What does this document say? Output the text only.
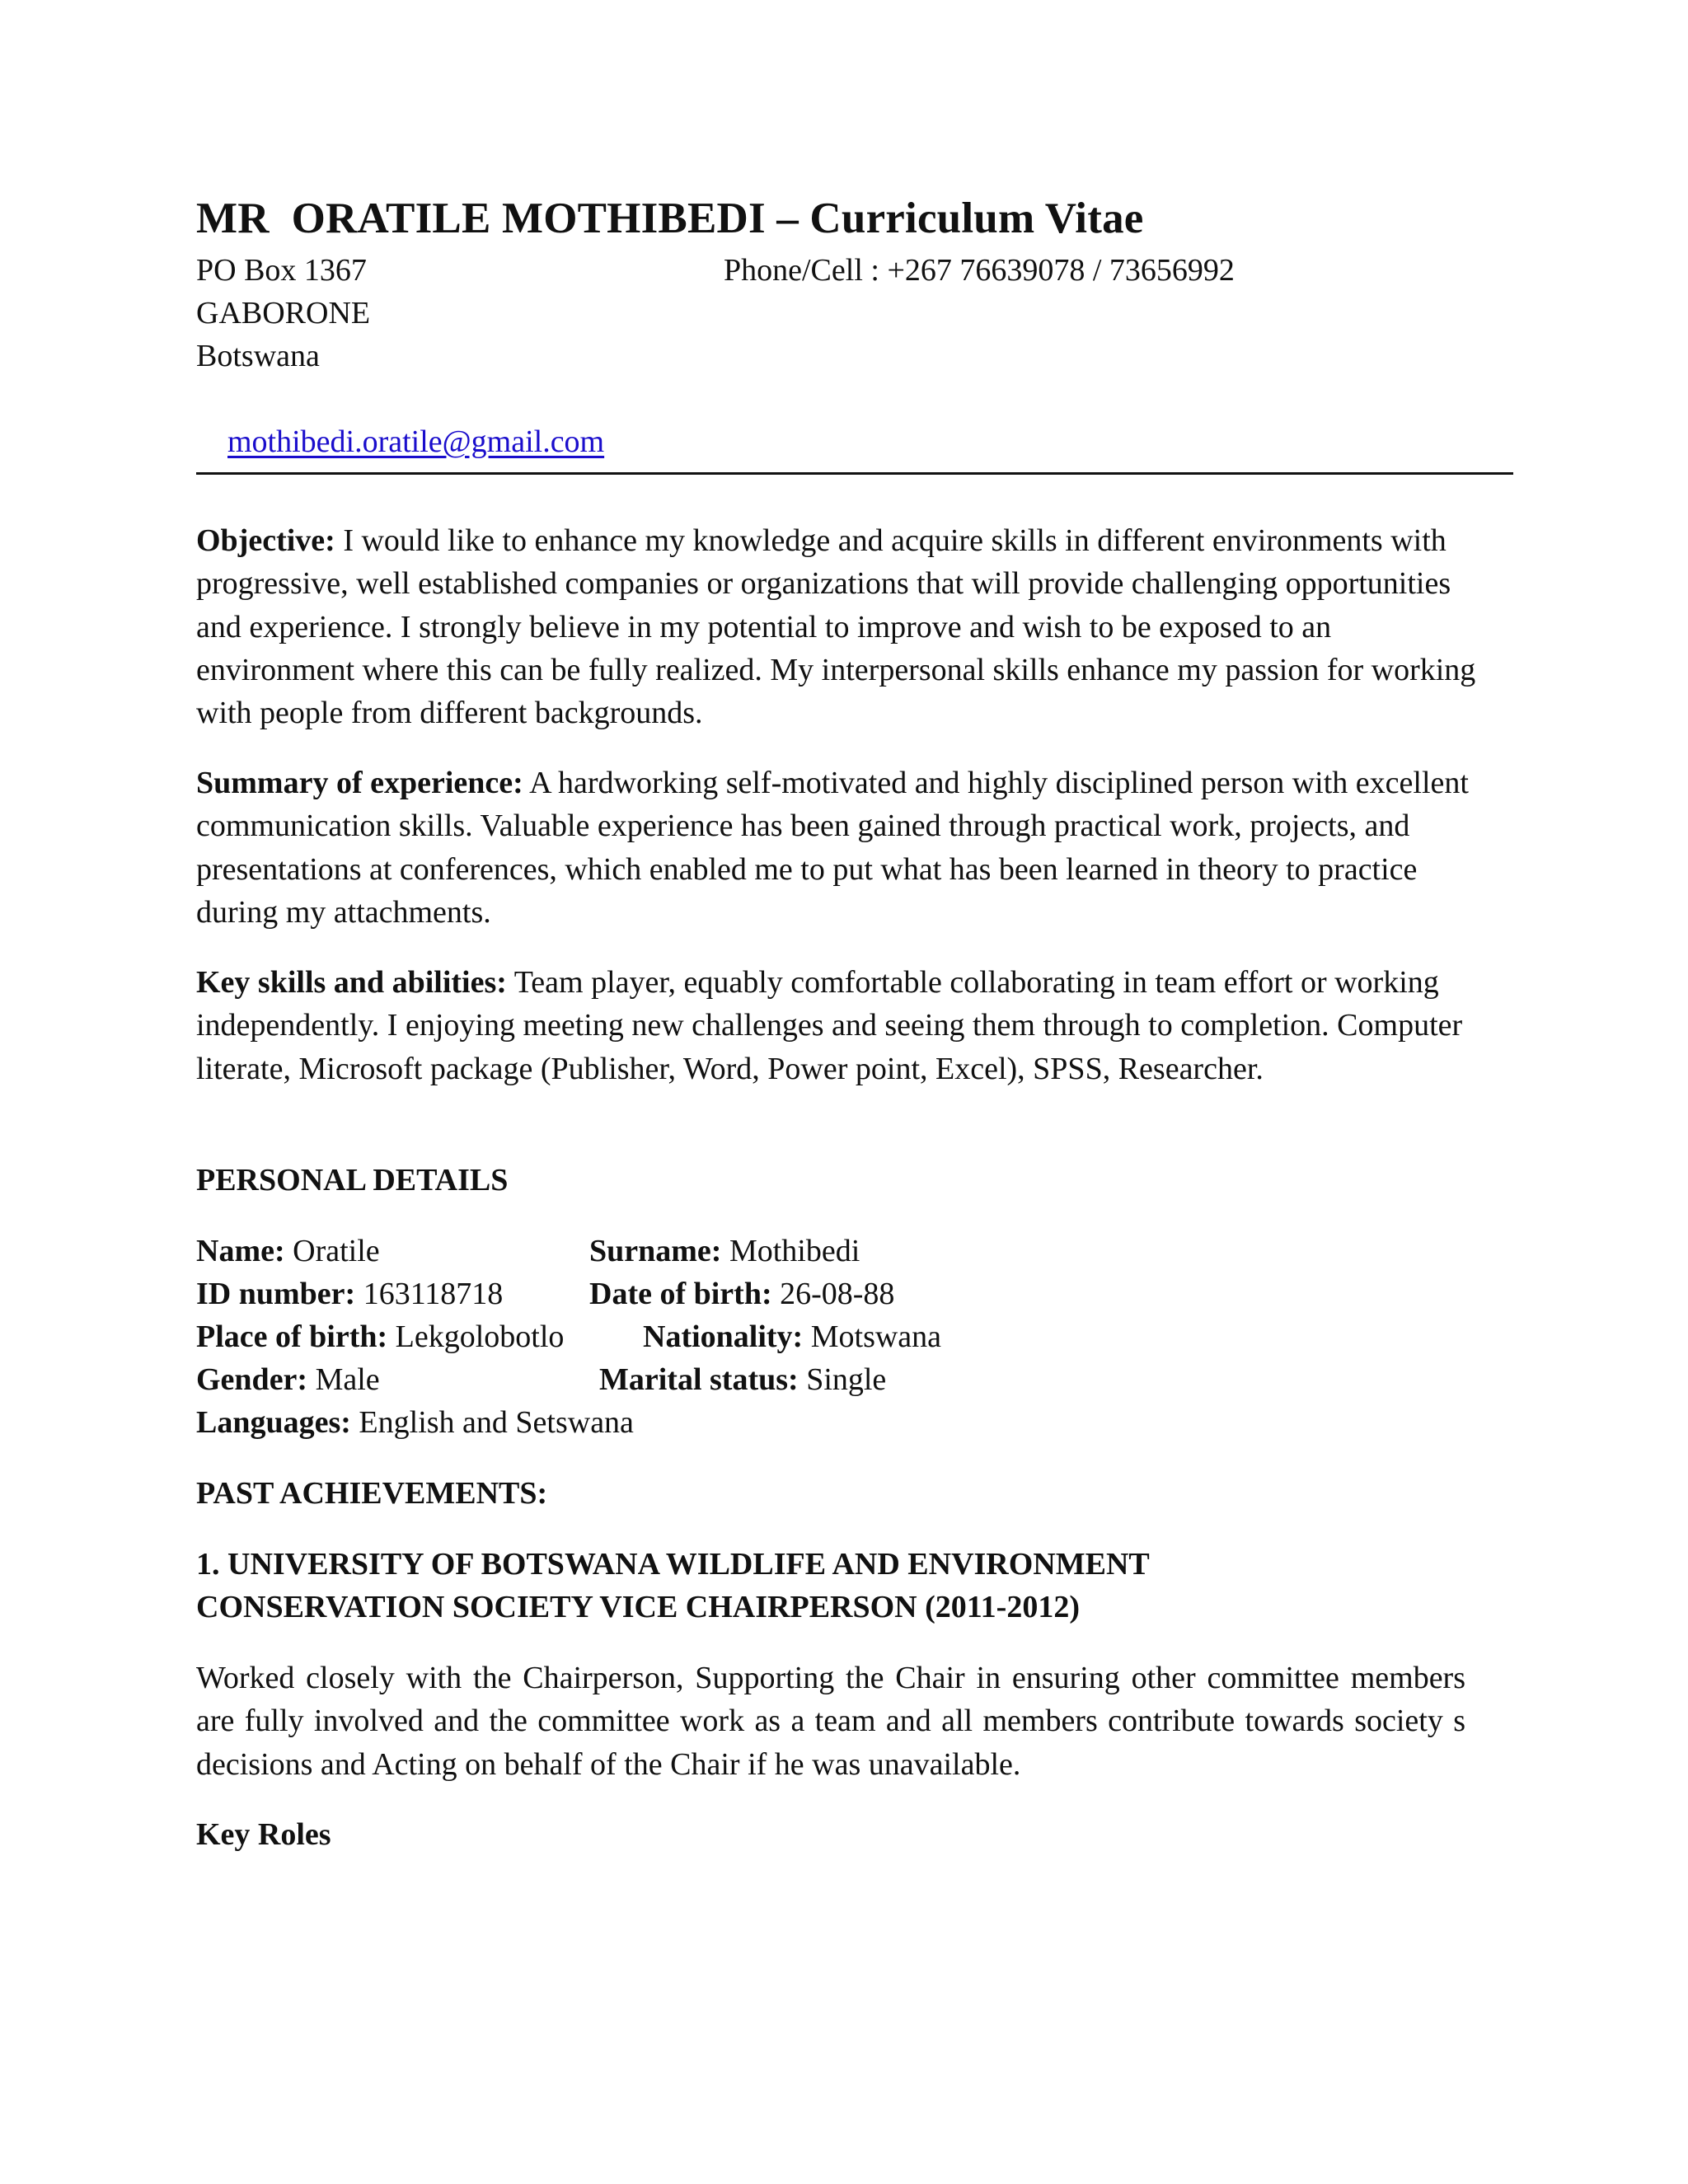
MR  ORATILE MOTHIBEDI – Curriculum Vitae

PO Box 1367	Phone/Cell : +267 76639078 / 73656992

GABORONE

Botswana

mothibedi.oratile@gmail.com

Objective: I would like to enhance my knowledge and acquire skills in different environments with progressive, well established companies or organizations that will provide challenging opportunities and experience. I strongly believe in my potential to improve and wish to be exposed to an environment where this can be fully realized. My interpersonal skills enhance my passion for working with people from different backgrounds.

Summary of experience: A hardworking self-motivated and highly disciplined person with excellent communication skills. Valuable experience has been gained through practical work, projects, and presentations at conferences, which enabled me to put what has been learned in theory to practice during my attachments.

Key skills and abilities: Team player, equably comfortable collaborating in team effort or working independently. I enjoying meeting new challenges and seeing them through to completion. Computer literate, Microsoft package (Publisher, Word, Power point, Excel), SPSS, Researcher.

PERSONAL DETAILS
Name: Oratile	Surname: Mothibedi
ID number: 163118718	Date of birth: 26-08-88
Place of birth: Lekgolobotlo	Nationality: Motswana
Gender: Male	Marital status: Single
Languages: English and Setswana
PAST ACHIEVEMENTS:
1. UNIVERSITY OF BOTSWANA WILDLIFE AND ENVIRONMENT
CONSERVATION SOCIETY VICE CHAIRPERSON (2011-2012)

Worked closely with the Chairperson, Supporting the Chair in ensuring other committee members are fully involved and the committee work as a team and all members contribute towards society s decisions and Acting on behalf of the Chair if he was unavailable.

Key Roles
